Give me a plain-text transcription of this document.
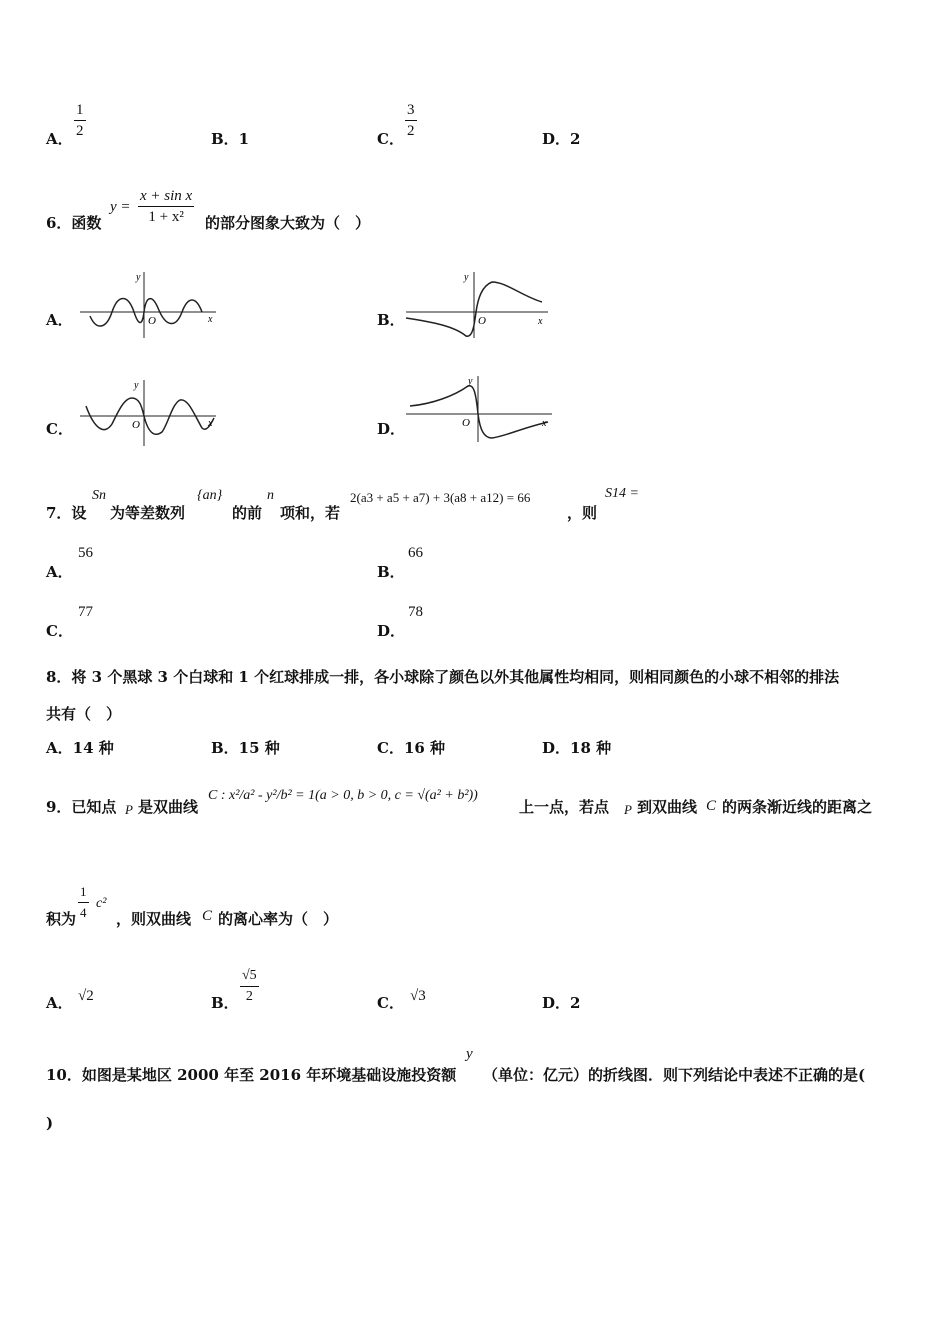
A． $\frac{1}{2}$	B．1	C． $\frac{3}{2}$	D．2
6．函数
$y = \frac{\text{x + sin x}}{\text{1 + x²}}$ 的部分图象大致为（　）
A．	x
y
O	B．	x
y
O
C．	x
y
O	D．	x
y
O
7．设
Sn
为等差数列
{an}
的前
n
项和，若
2(a3 + a5 + a7) + 3(a8 + a12) = 66
，则
S14 =
A．
56
B．
66
C．
77
D．
78
8．将 3 个黑球 3 个白球和 1 个红球排成一排，各小球除了颜色以外其他属性均相同，则相同颜色的小球不相邻的排法
共有（　）
A．14 种	B．15 种	C．16 种	D．18 种
9．已知点 P 是双曲线
C : x²/a² - y²/b² = 1(a > 0, b > 0, c = √(a² + b²))
上一点，若点 P 到双曲线 C 的两条渐近线的距离之
积为 $\frac{1}{4} c^2$
，则双曲线 C 的离心率为（　）
A． √2	B． $\frac{√5}{2}$	C． √3	D．2
10．如图是某地区 2000 年至 2016 年环境基础设施投资额
y
（单位：亿元）的折线图．则下列结论中表述不正确的是(
)
